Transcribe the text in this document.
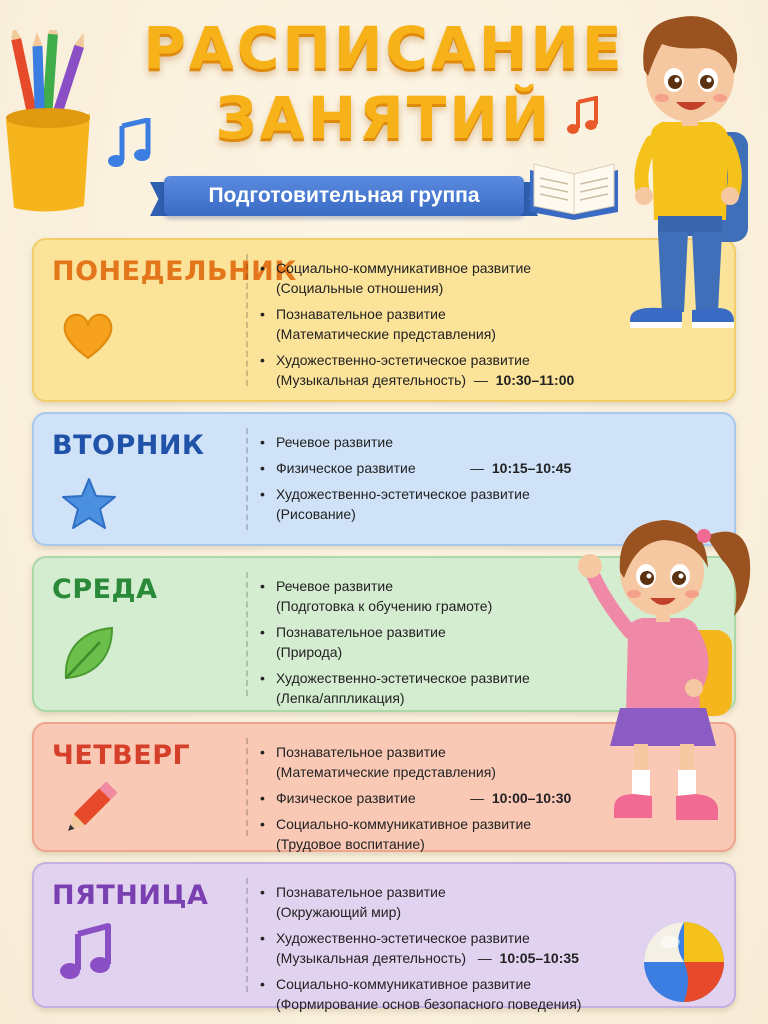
РАСПИСАНИЕ
ЗАНЯТИЙ
Подготовительная группа
ПОНЕДЕЛЬНИК
• Социально-коммуникативное развитие
(Социальные отношения)
• Познавательное развитие
(Математические представления)
• Художественно-эстетическое развитие
(Музыкальная деятельность)  —  10:30–11:00
ВТОРНИК	• Речевое развитие
• Физическое развитие              —  10:15–10:45
• Художественно-эстетическое развитие
(Рисование)
СРЕДА	• Речевое развитие
(Подготовка к обучению грамоте)
• Познавательное развитие
(Природа)
• Художественно-эстетическое развитие
(Лепка/аппликация)
ЧЕТВЕРГ	• Познавательное развитие
(Математические представления)
• Физическое развитие              —  10:00–10:30
• Социально-коммуникативное развитие
(Трудовое воспитание)
ПЯТНИЦА	• Познавательное развитие
(Окружающий мир)
• Художественно-эстетическое развитие
(Музыкальная деятельность)   —  10:05–10:35
• Социально-коммуникативное развитие
(Формирование основ безопасного поведения)
